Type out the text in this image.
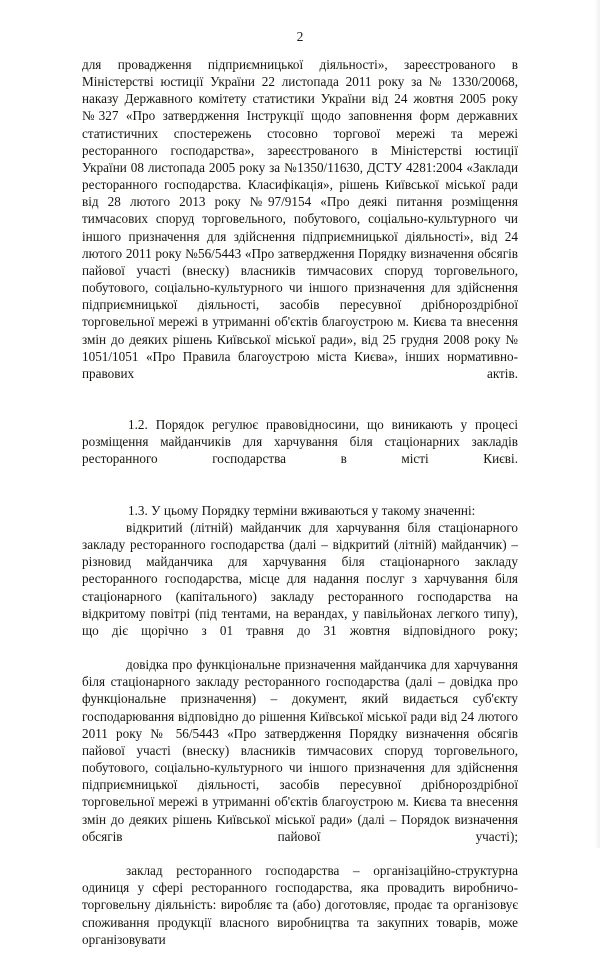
2

для провадження підприємницької діяльності», зареєстрованого в Міністерстві юстиції України 22 листопада 2011 року за № 1330/20068, наказу Державного комітету статистики України від 24 жовтня 2005 року №327 «Про затвердження Інструкції щодо заповнення форм державних статистичних спостережень стосовно торгової мережі та мережі ресторанного господарства», зареєстрованого в Міністерстві юстиції України 08 листопада 2005 року за №1350/11630, ДСТУ 4281:2004 «Заклади ресторанного господарства. Класифікація», рішень Київської міської ради від 28 лютого 2013 року №97/9154 «Про деякі питання розміщення тимчасових споруд торговельного, побутового, соціально-культурного чи іншого призначення для здійснення підприємницької діяльності», від 24 лютого 2011 року №56/5443 «Про затвердження Порядку визначення обсягів пайової участі (внеску) власників тимчасових споруд торговельного, побутового, соціально-культурного чи іншого призначення для здійснення підприємницької діяльності, засобів пересувної дрібнороздрібної торговельної мережі в утриманні об'єктів благоустрою м. Києва та внесення змін до деяких рішень Київської міської ради», від 25 грудня 2008 року № 1051/1051 «Про Правила благоустрою міста Києва», інших нормативно-правових актів.

1.2. Порядок регулює правовідносини, що виникають у процесі розміщення майданчиків для харчування біля стаціонарних закладів ресторанного господарства в місті Києві.

1.3. У цьому Порядку терміни вживаються у такому значенні:

відкритий (літній) майданчик для харчування біля стаціонарного закладу ресторанного господарства (далі – відкритий (літній) майданчик) – різновид майданчика для харчування біля стаціонарного закладу ресторанного господарства, місце для надання послуг з харчування біля стаціонарного (капітального) закладу ресторанного господарства на відкритому повітрі (під тентами, на верандах, у павільйонах легкого типу), що діє щорічно з 01 травня до 31 жовтня відповідного року;

довідка про функціональне призначення майданчика для харчування біля стаціонарного закладу ресторанного господарства (далі – довідка про функціональне призначення) – документ, який видається суб'єкту господарювання відповідно до рішення Київської міської ради від 24 лютого 2011 року № 56/5443 «Про затвердження Порядку визначення обсягів пайової участі (внеску) власників тимчасових споруд торговельного, побутового, соціально-культурного чи іншого призначення для здійснення підприємницької діяльності, засобів пересувної дрібнороздрібної торговельної мережі в утриманні об'єктів благоустрою м. Києва та внесення змін до деяких рішень Київської міської ради» (далі – Порядок визначення обсягів пайової участі);

заклад ресторанного господарства – організаційно-структурна одиниця у сфері ресторанного господарства, яка провадить виробничо-торговельну діяльність: виробляє та (або) доготовляє, продає та організовує споживання продукції власного виробництва та закупних товарів, може організовувати
